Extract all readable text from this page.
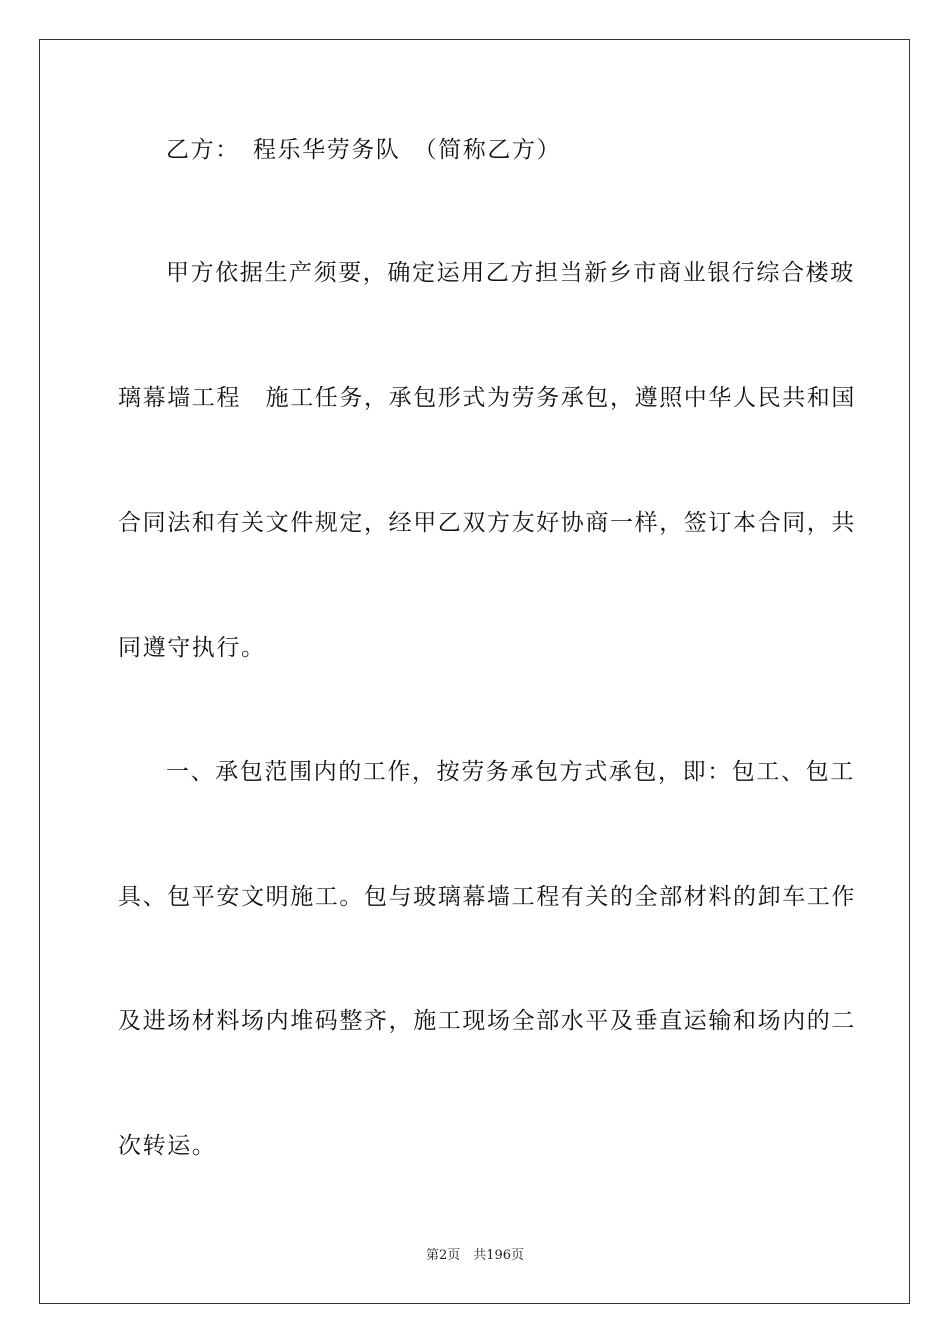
乙方：　程乐华劳务队　（简称乙方）
甲方依据生产须要，确定运用乙方担当新乡市商业银行综合楼玻
璃幕墙工程　施工任务，承包形式为劳务承包，遵照中华人民共和国
合同法和有关文件规定，经甲乙双方友好协商一样，签订本合同，共
同遵守执行。
一、承包范围内的工作，按劳务承包方式承包，即：包工、包工
具、包平安文明施工。包与玻璃幕墙工程有关的全部材料的卸车工作
及进场材料场内堆码整齐，施工现场全部水平及垂直运输和场内的二
次转运。
第2页　共196页
